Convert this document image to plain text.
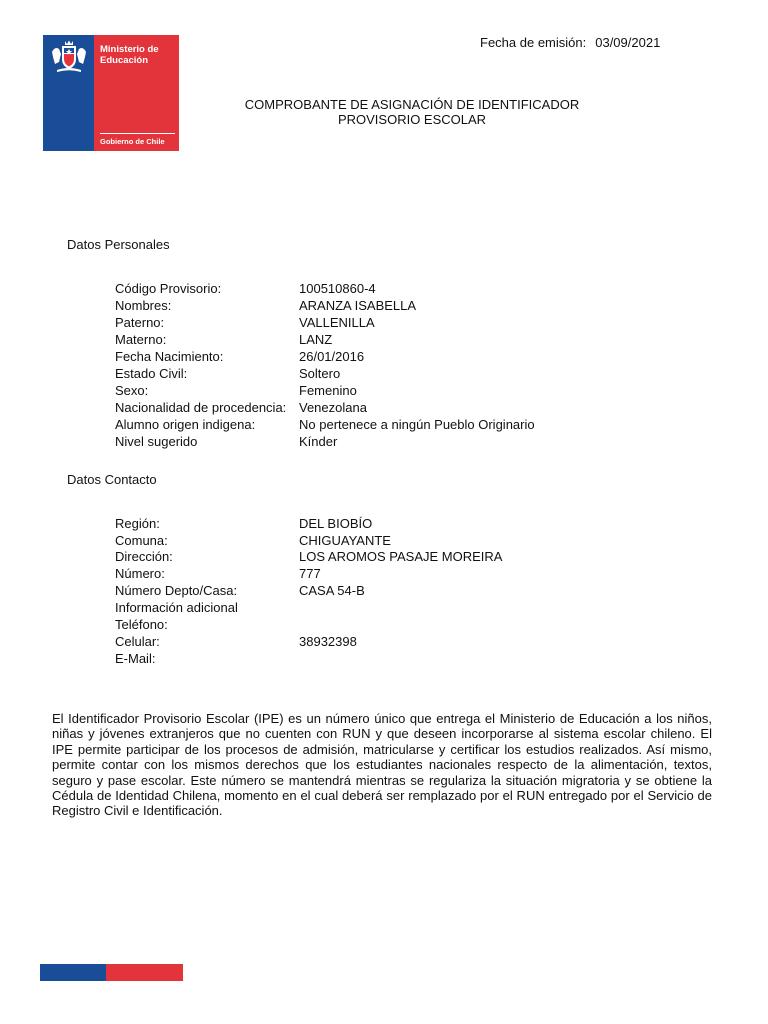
Ministerio de
Educación
Gobierno de Chile
Fecha de emisión: 03/09/2021
COMPROBANTE DE ASIGNACIÓN DE IDENTIFICADOR
PROVISORIO ESCOLAR
Datos Personales
Código Provisorio:	100510860-4
Nombres:	ARANZA ISABELLA
Paterno:	VALLENILLA
Materno:	LANZ
Fecha Nacimiento:	26/01/2016
Estado Civil:	Soltero
Sexo:	Femenino
Nacionalidad de procedencia: Venezolana
Alumno origen indigena:	No pertenece a ningún Pueblo Originario
Nivel sugerido	Kínder
Datos Contacto
Región:	DEL BIOBÍO
Comuna:	CHIGUAYANTE
Dirección:	LOS AROMOS PASAJE MOREIRA
Número:	777
Número Depto/Casa:	CASA 54-B
Información adicional
Teléfono:
Celular:	38932398
E-Mail:
El Identificador Provisorio Escolar (IPE) es un número único que entrega el Ministerio de Educación a los niños, niñas y jóvenes extranjeros que no cuenten con RUN y que deseen incorporarse al sistema escolar chileno. El IPE permite participar de los procesos de admisión, matricularse y certificar los estudios realizados. Así mismo, permite contar con los mismos derechos que los estudiantes nacionales respecto de la alimentación, textos, seguro y pase escolar. Este número se mantendrá mientras se regulariza la situación migratoria y se obtiene la Cédula de Identidad Chilena, momento en el cual deberá ser remplazado por el RUN entregado por el Servicio de Registro Civil e Identificación.
